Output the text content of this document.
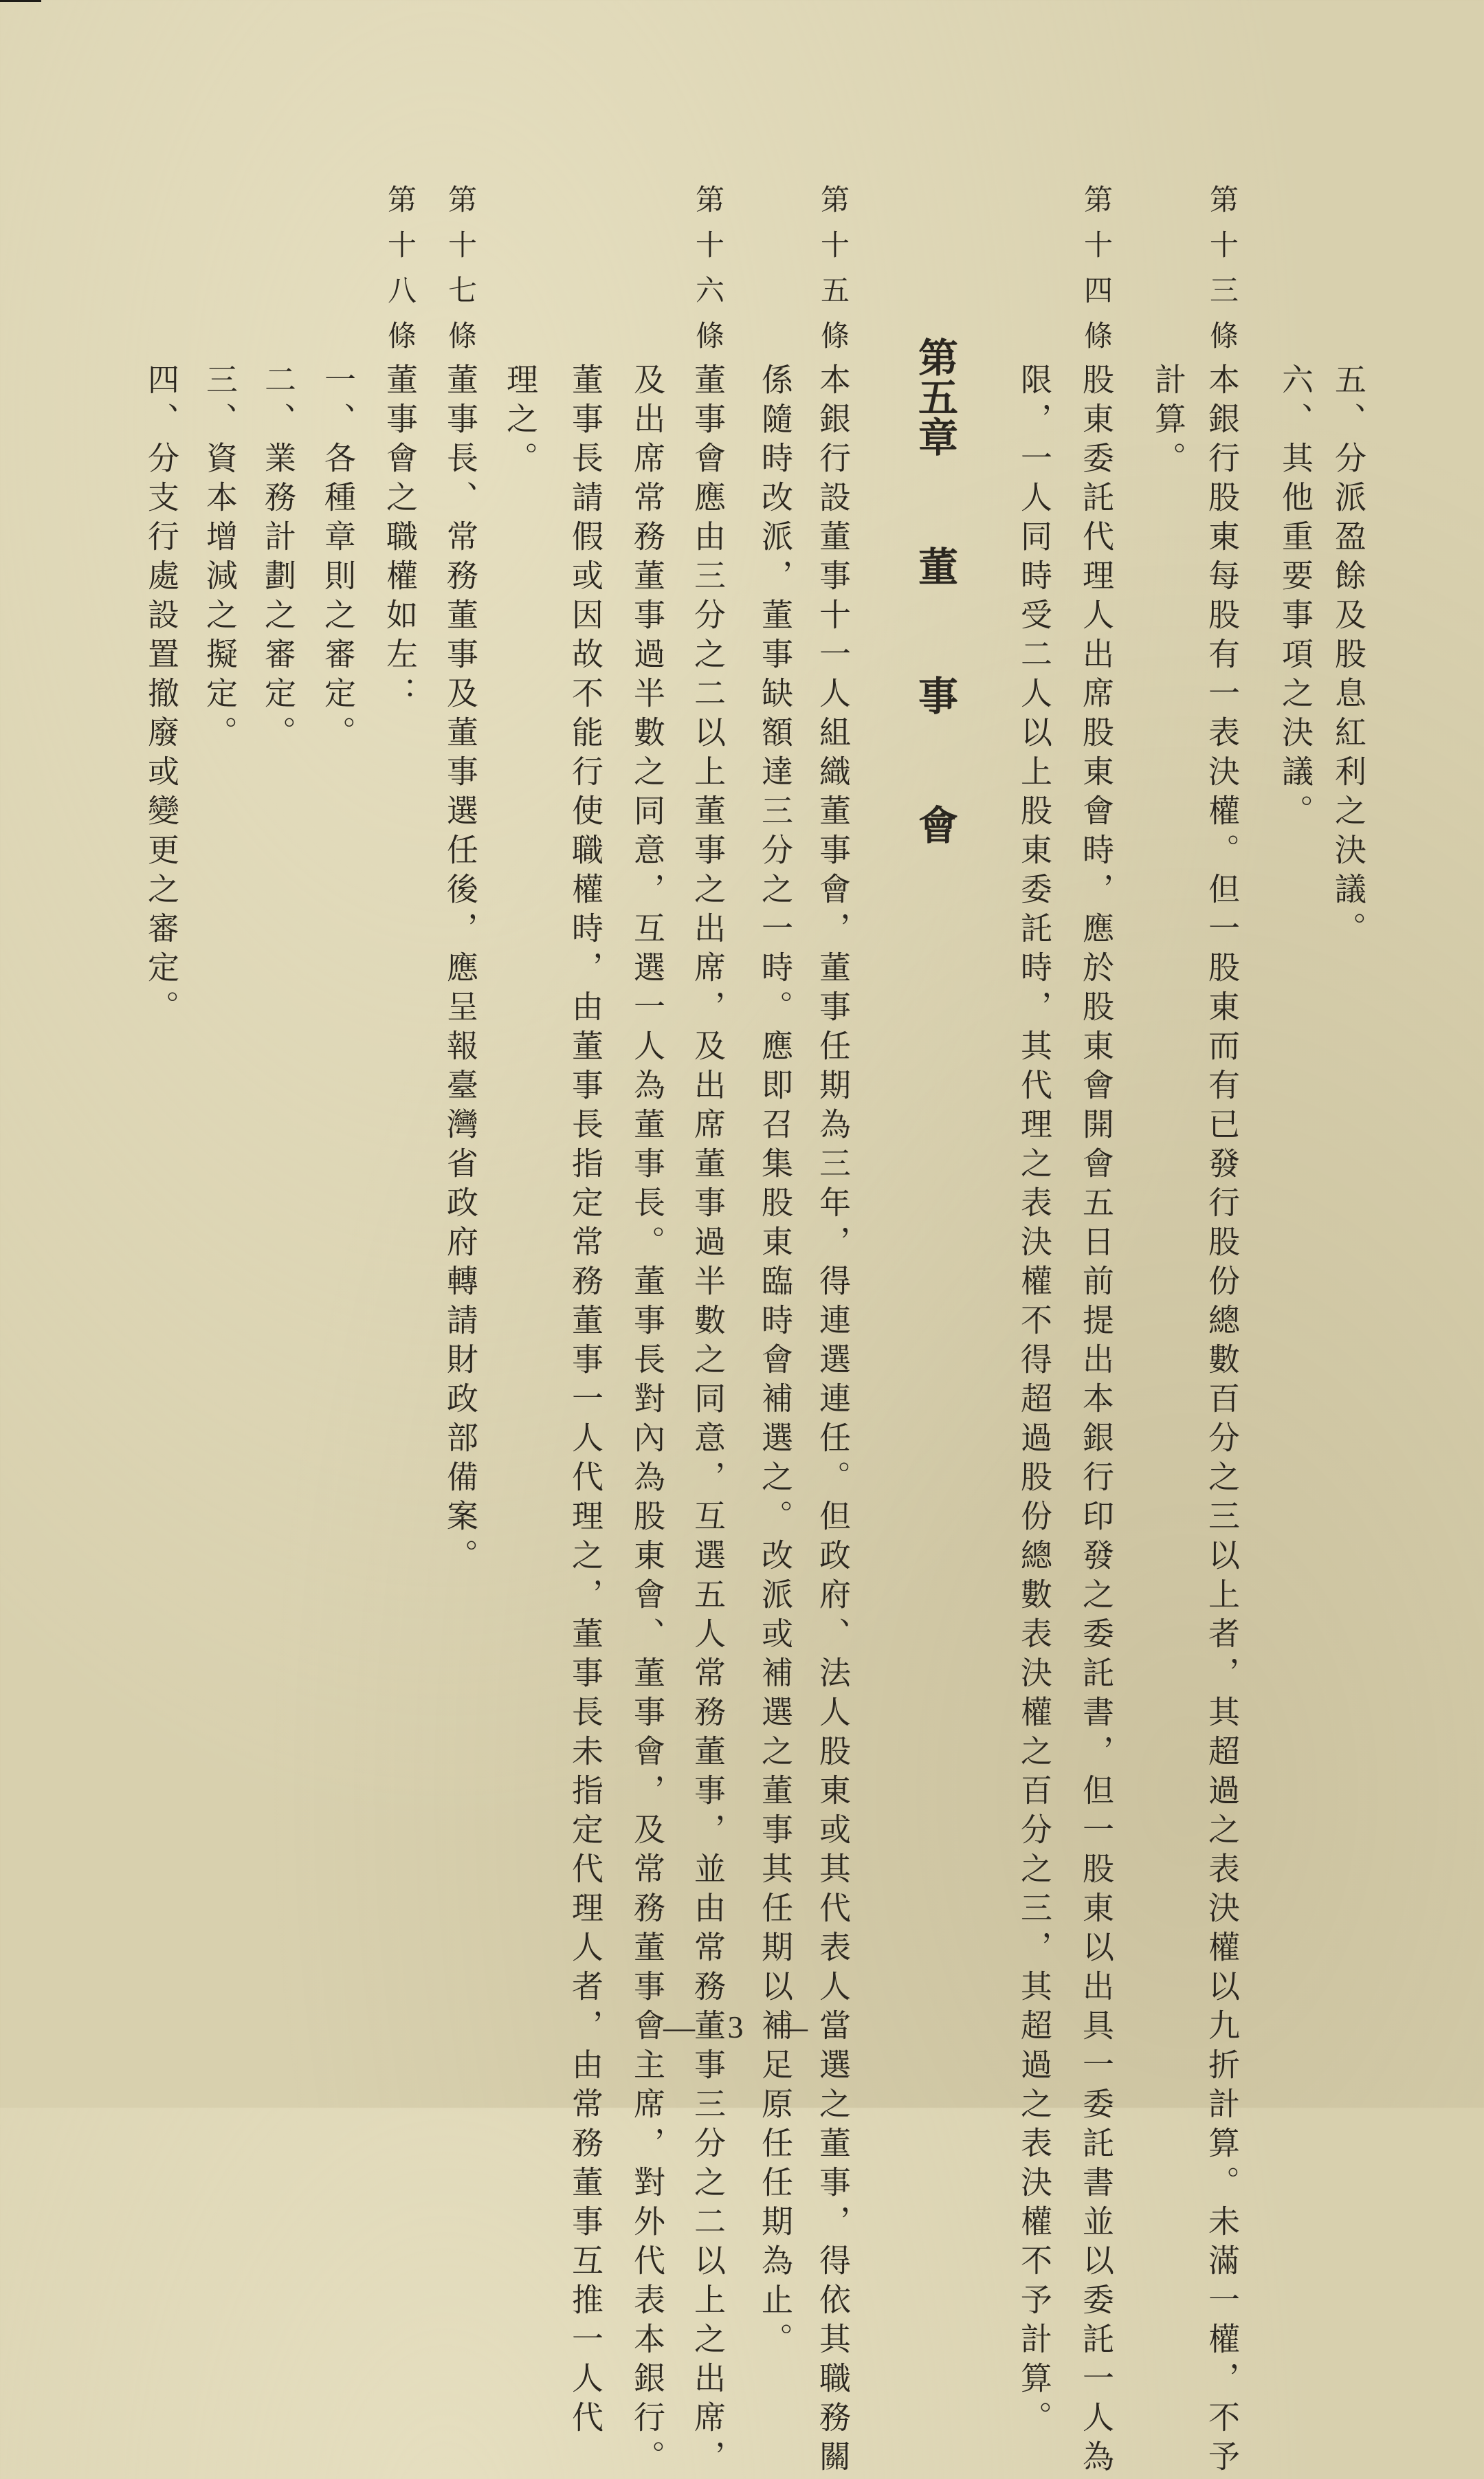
五、分派盈餘及股息紅利之決議。
六、其他重要事項之決議。
第十三條
本銀行股東每股有一表決權。但一股東而有已發行股份總數百分之三以上者，其超過之表決權以九折計算。未滿一權，不予
計算。
第十四條
股東委託代理人出席股東會時，應於股東會開會五日前提出本銀行印發之委託書，但一股東以出具一委託書並以委託一人為
限，一人同時受二人以上股東委託時，其代理之表決權不得超過股份總數表決權之百分之三，其超過之表決權不予計算。
第五章董事會
第十五條
本銀行設董事十一人組織董事會，董事任期為三年，得連選連任。但政府、法人股東或其代表人當選之董事，得依其職務關
係隨時改派，董事缺額達三分之一時。應即召集股東臨時會補選之。改派或補選之董事其任期以補足原任任期為止。
第十六條
董事會應由三分之二以上董事之出席，及出席董事過半數之同意，互選五人常務董事，並由常務董事三分之二以上之出席，
及出席常務董事過半數之同意，互選一人為董事長。董事長對內為股東會、董事會，及常務董事會主席，對外代表本銀行。
董事長請假或因故不能行使職權時，由董事長指定常務董事一人代理之，董事長未指定代理人者，由常務董事互推一人代
理之。
第十七條
董事長、常務董事及董事選任後，應呈報臺灣省政府轉請財政部備案。
第十八條
董事會之職權如左：
一、各種章則之審定。
二、業務計劃之審定。
三、資本增減之擬定。
四、分支行處設置撤廢或變更之審定。
— 3 —
